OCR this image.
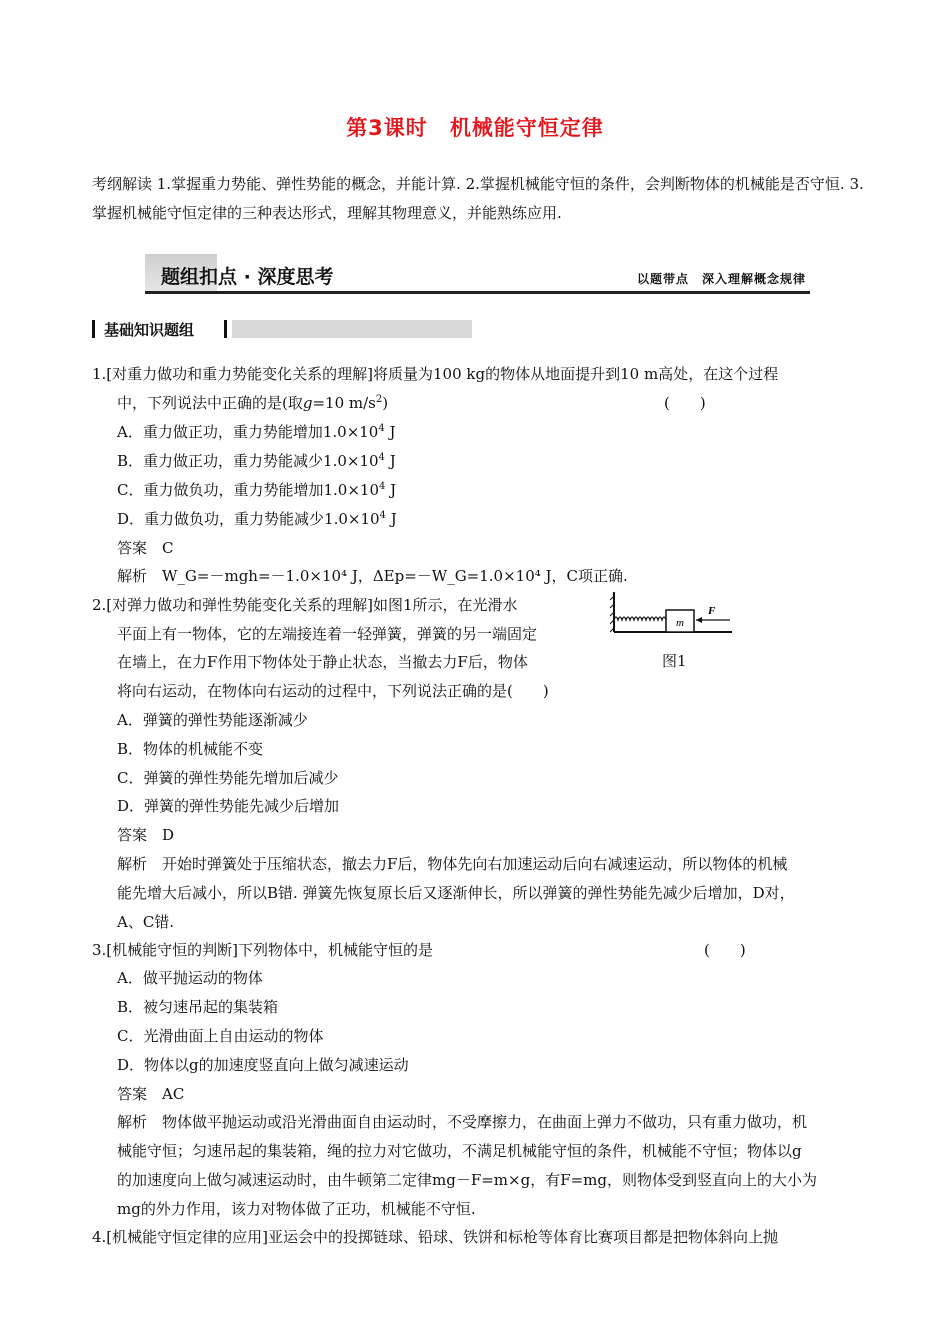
第3课时 机械能守恒定律
考纲解读 1.掌握重力势能、弹性势能的概念，并能计算. 2.掌握机械能守恒的条件，会判断物体的机械能是否守恒. 3.掌握机械能守恒定律的三种表达形式，理解其物理意义，并能熟练应用.
题组扣点 · 深度思考	以题带点　深入理解概念规律
基础知识题组
1.[对重力做功和重力势能变化关系的理解]将质量为100 kg的物体从地面提升到10 m高处，在这个过程
中，下列说法中正确的是(取g=10 $m/s^2$)	(　　)
A．重力做正功，重力势能增加$1.0\times 10^4$ J
B．重力做正功，重力势能减少$1.0\times 10^4$ J
C．重力做负功，重力势能增加$1.0\times 10^4$ J
D．重力做负功，重力势能减少$1.0\times 10^4$ J
答案　C
解析　W_G=－mgh=－1.0×10⁴ J，ΔEp=－W_G=1.0×10⁴ J，C项正确.
2.[对弹力做功和弹性势能变化关系的理解]如图1所示，在光滑水
平面上有一物体，它的左端接连着一轻弹簧，弹簧的另一端固定
在墙上，在力F作用下物体处于静止状态，当撤去力F后，物体
将向右运动，在物体向右运动的过程中，下列说法正确的是(　　)
m
F
图1
A．弹簧的弹性势能逐渐减少
B．物体的机械能不变
C．弹簧的弹性势能先增加后减少
D．弹簧的弹性势能先减少后增加
答案　D
解析　开始时弹簧处于压缩状态，撤去力F后，物体先向右加速运动后向右减速运动，所以物体的机械
能先增大后减小，所以B错. 弹簧先恢复原长后又逐渐伸长，所以弹簧的弹性势能先减少后增加，D对，
A、C错.
3.[机械能守恒的判断]下列物体中，机械能守恒的是	(　　)
A．做平抛运动的物体
B．被匀速吊起的集装箱
C．光滑曲面上自由运动的物体
D．物体以g的加速度竖直向上做匀减速运动
答案　AC
解析　物体做平抛运动或沿光滑曲面自由运动时，不受摩擦力，在曲面上弹力不做功，只有重力做功，机
械能守恒；匀速吊起的集装箱，绳的拉力对它做功，不满足机械能守恒的条件，机械能不守恒；物体以g
的加速度向上做匀减速运动时，由牛顿第二定律mg－F=m×g，有F=mg，则物体受到竖直向上的大小为
mg的外力作用，该力对物体做了正功，机械能不守恒.
4.[机械能守恒定律的应用]亚运会中的投掷链球、铅球、铁饼和标枪等体育比赛项目都是把物体斜向上抛
